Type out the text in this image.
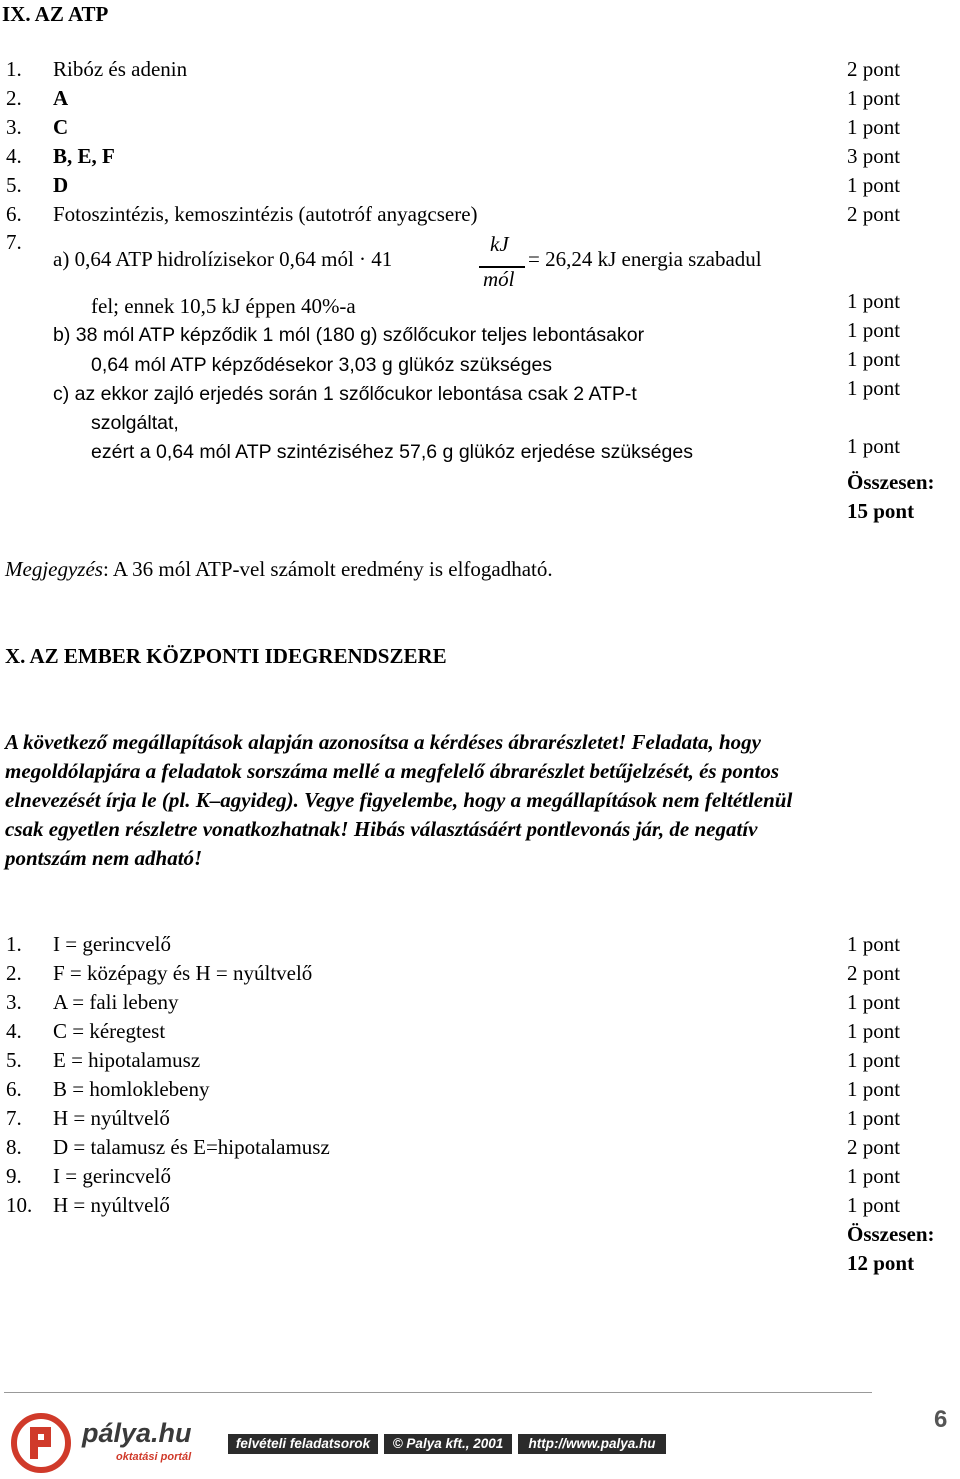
IX. AZ ATP
1. Ribóz és adenin	2 pont
2. A	1 pont
3. C	1 pont
4. B, E, F	3 pont
5. D	1 pont
6. Fotoszintézis, kemoszintézis (autotróf anyagcsere)	2 pont
7.
a) 0,64 ATP hidrolízisekor 0,64 mól · 41
kJ
mól
= 26,24 kJ energia szabadul
fel; ennek 10,5 kJ éppen 40%-a	1 pont
b) 38 mól ATP képződik 1 mól (180 g) szőlőcukor teljes lebontásakor	1 pont
0,64 mól ATP képződésekor 3,03 g glükóz szükséges	1 pont
c) az ekkor zajló erjedés során 1 szőlőcukor lebontása csak 2 ATP-t	1 pont
szolgáltat,
ezért a 0,64 mól ATP szintéziséhez 57,6 g glükóz erjedése szükséges	1 pont
Összesen:
15 pont
Megjegyzés: A 36 mól ATP-vel számolt eredmény is elfogadható.
X. AZ EMBER KÖZPONTI IDEGRENDSZERE
A következő megállapítások alapján azonosítsa a kérdéses ábrarészletet! Feladata, hogy
megoldólapjára a feladatok sorszáma mellé a megfelelő ábrarészlet betűjelzését, és pontos
elnevezését írja le (pl. K–agyideg). Vegye figyelembe, hogy a megállapítások nem feltétlenül
csak egyetlen részletre vonatkozhatnak! Hibás választásáért pontlevonás jár, de negatív
pontszám nem adható!
1. I = gerincvelő	1 pont
2. F = középagy és H = nyúltvelő	2 pont
3. A = fali lebeny	1 pont
4. C = kéregtest	1 pont
5. E = hipotalamusz	1 pont
6. B = homloklebeny	1 pont
7. H = nyúltvelő	1 pont
8. D = talamusz és E=hipotalamusz	2 pont
9. I = gerincvelő	1 pont
10. H = nyúltvelő	1 pont
Összesen:
12 pont
pálya.hu
oktatási portál
felvételi feladatsorok	© Palya kft., 2001	http://www.palya.hu
6
